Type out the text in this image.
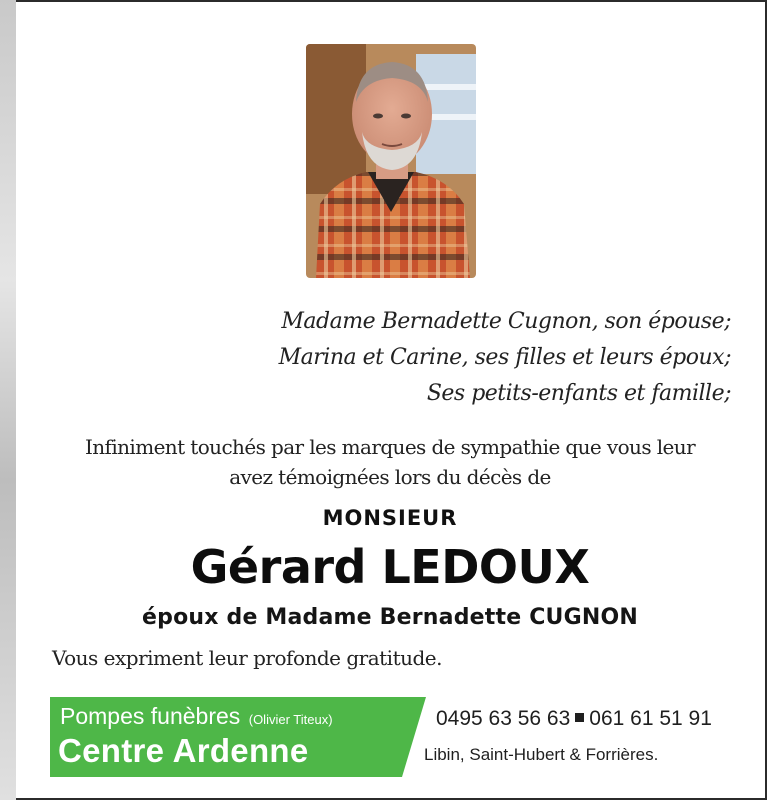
Madame Bernadette Cugnon, son épouse;
Marina et Carine, ses filles et leurs époux;
Ses petits-enfants et famille;
Infiniment touchés par les marques de sympathie que vous leur
avez témoignées lors du décès de
MONSIEUR
Gérard LEDOUX
époux de Madame Bernadette CUGNON
Vous expriment leur profonde gratitude.
Pompes funèbres (Olivier Titeux)
Centre Ardenne
0495 63 56 63 061 61 51 91
Libin, Saint-Hubert & Forrières.
